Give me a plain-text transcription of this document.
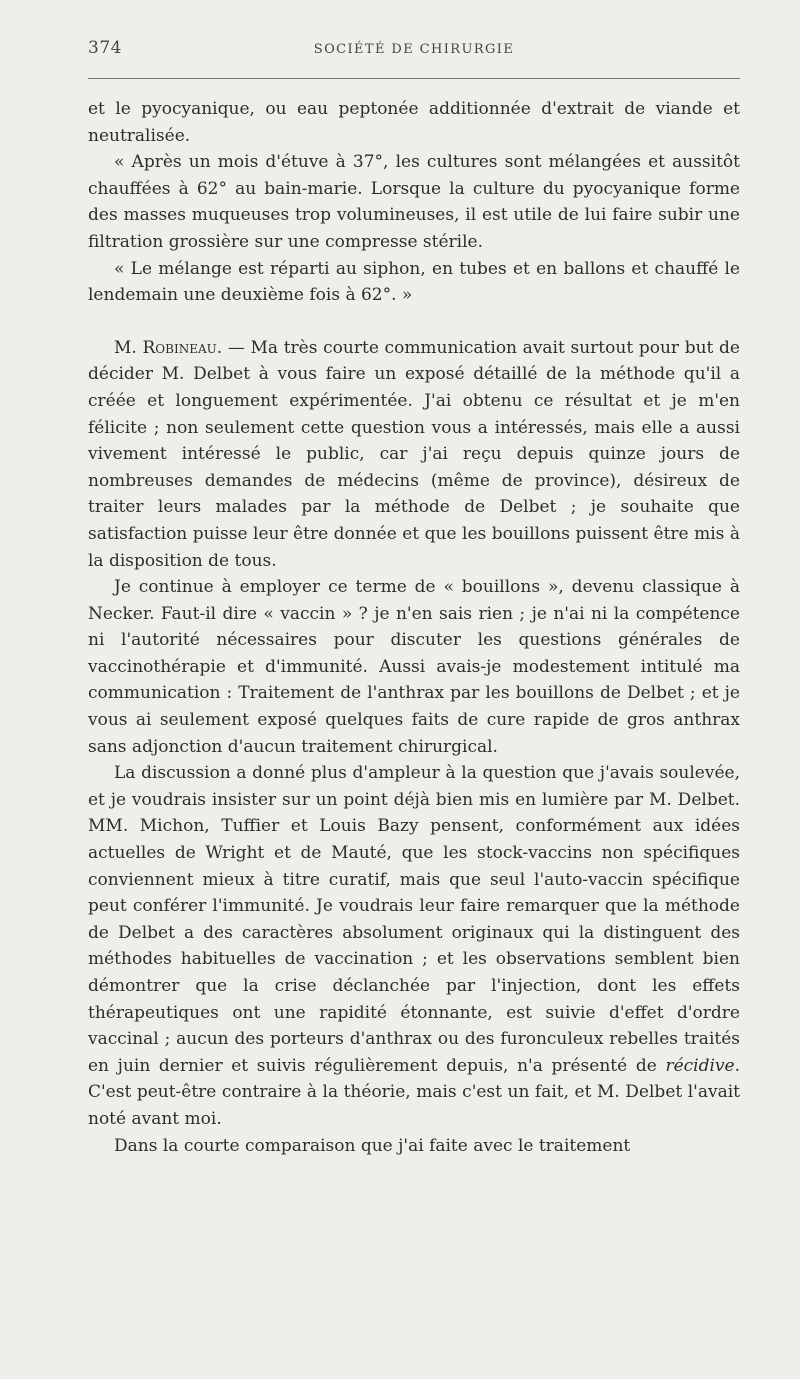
374	SOCIÉTÉ DE CHIRURGIE

et le pyocyanique, ou eau peptonée additionnée d'extrait de viande et neutralisée.

« Après un mois d'étuve à 37°, les cultures sont mélangées et aussitôt chauffées à 62° au bain-marie. Lorsque la culture du pyocyanique forme des masses muqueuses trop volumineuses, il est utile de lui faire subir une filtration grossière sur une compresse stérile.

« Le mélange est réparti au siphon, en tubes et en ballons et chauffé le lendemain une deuxième fois à 62°. »

M. Robineau. — Ma très courte communication avait surtout pour but de décider M. Delbet à vous faire un exposé détaillé de la méthode qu'il a créée et longuement expérimentée. J'ai obtenu ce résultat et je m'en félicite ; non seulement cette question vous a intéressés, mais elle a aussi vivement intéressé le public, car j'ai reçu depuis quinze jours de nombreuses demandes de médecins (même de province), désireux de traiter leurs malades par la méthode de Delbet ; je souhaite que satisfaction puisse leur être donnée et que les bouillons puissent être mis à la disposition de tous.

Je continue à employer ce terme de « bouillons », devenu classique à Necker. Faut-il dire « vaccin » ? je n'en sais rien ; je n'ai ni la compétence ni l'autorité nécessaires pour discuter les questions générales de vaccinothérapie et d'immunité. Aussi avais-je modestement intitulé ma communication : Traitement de l'anthrax par les bouillons de Delbet ; et je vous ai seulement exposé quelques faits de cure rapide de gros anthrax sans adjonction d'aucun traitement chirurgical.

La discussion a donné plus d'ampleur à la question que j'avais soulevée, et je voudrais insister sur un point déjà bien mis en lumière par M. Delbet. MM. Michon, Tuffier et Louis Bazy pensent, conformément aux idées actuelles de Wright et de Mauté, que les stock-vaccins non spécifiques conviennent mieux à titre curatif, mais que seul l'auto-vaccin spécifique peut conférer l'immunité. Je voudrais leur faire remarquer que la méthode de Delbet a des caractères absolument originaux qui la distinguent des méthodes habituelles de vaccination ; et les observations semblent bien démontrer que la crise déclanchée par l'injection, dont les effets thérapeutiques ont une rapidité étonnante, est suivie d'effet d'ordre vaccinal ; aucun des porteurs d'anthrax ou des furonculeux rebelles traités en juin dernier et suivis régulièrement depuis, n'a présenté de récidive. C'est peut-être contraire à la théorie, mais c'est un fait, et M. Delbet l'avait noté avant moi.

Dans la courte comparaison que j'ai faite avec le traitement
